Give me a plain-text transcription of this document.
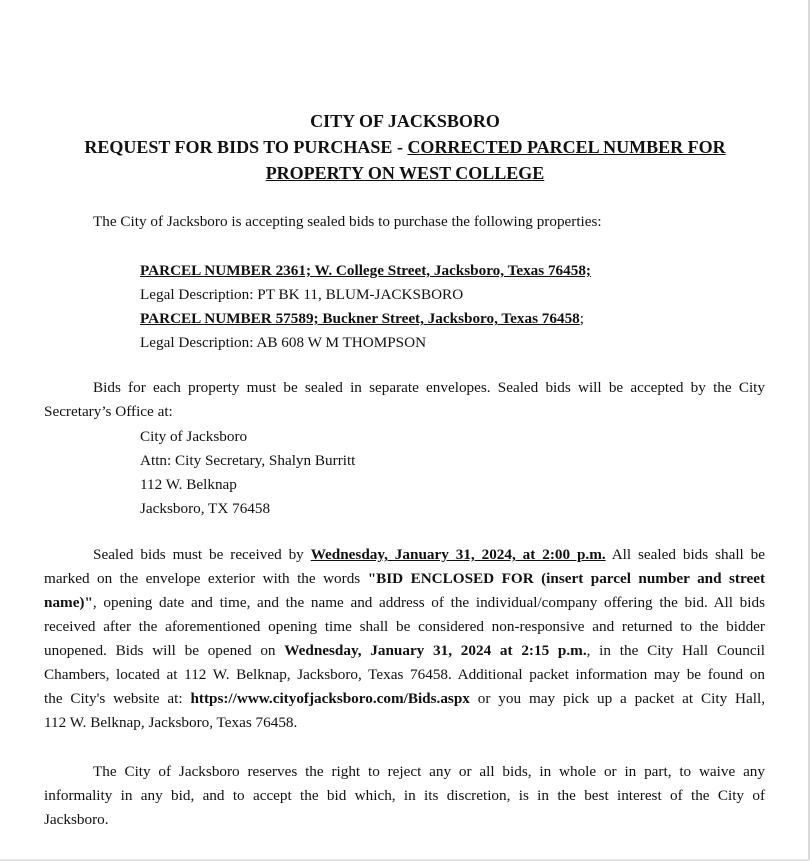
CITY OF JACKSBORO
REQUEST FOR BIDS TO PURCHASE - CORRECTED PARCEL NUMBER FOR
PROPERTY ON WEST COLLEGE
The City of Jacksboro is accepting sealed bids to purchase the following properties:
PARCEL NUMBER 2361; W. College Street, Jacksboro, Texas 76458;
Legal Description: PT BK 11, BLUM-JACKSBORO
PARCEL NUMBER 57589; Buckner Street, Jacksboro, Texas 76458;
Legal Description: AB 608 W M THOMPSON
Bids for each property must be sealed in separate envelopes. Sealed bids will be accepted by the City
Secretary’s Office at:
City of Jacksboro
Attn: City Secretary, Shalyn Burritt
112 W. Belknap
Jacksboro, TX 76458
Sealed bids must be received by Wednesday, January 31, 2024, at 2:00 p.m. All sealed bids shall be
marked on the envelope exterior with the words "BID ENCLOSED FOR (insert parcel number and street
name)", opening date and time, and the name and address of the individual/company offering the bid. All bids
received after the aforementioned opening time shall be considered non-responsive and returned to the bidder
unopened. Bids will be opened on Wednesday, January 31, 2024 at 2:15 p.m., in the City Hall Council
Chambers, located at 112 W. Belknap, Jacksboro, Texas 76458. Additional packet information may be found on
the City's website at: https://www.cityofjacksboro.com/Bids.aspx or you may pick up a packet at City Hall,
112 W. Belknap, Jacksboro, Texas 76458.
The City of Jacksboro reserves the right to reject any or all bids, in whole or in part, to waive any
informality in any bid, and to accept the bid which, in its discretion, is in the best interest of the City of
Jacksboro.
